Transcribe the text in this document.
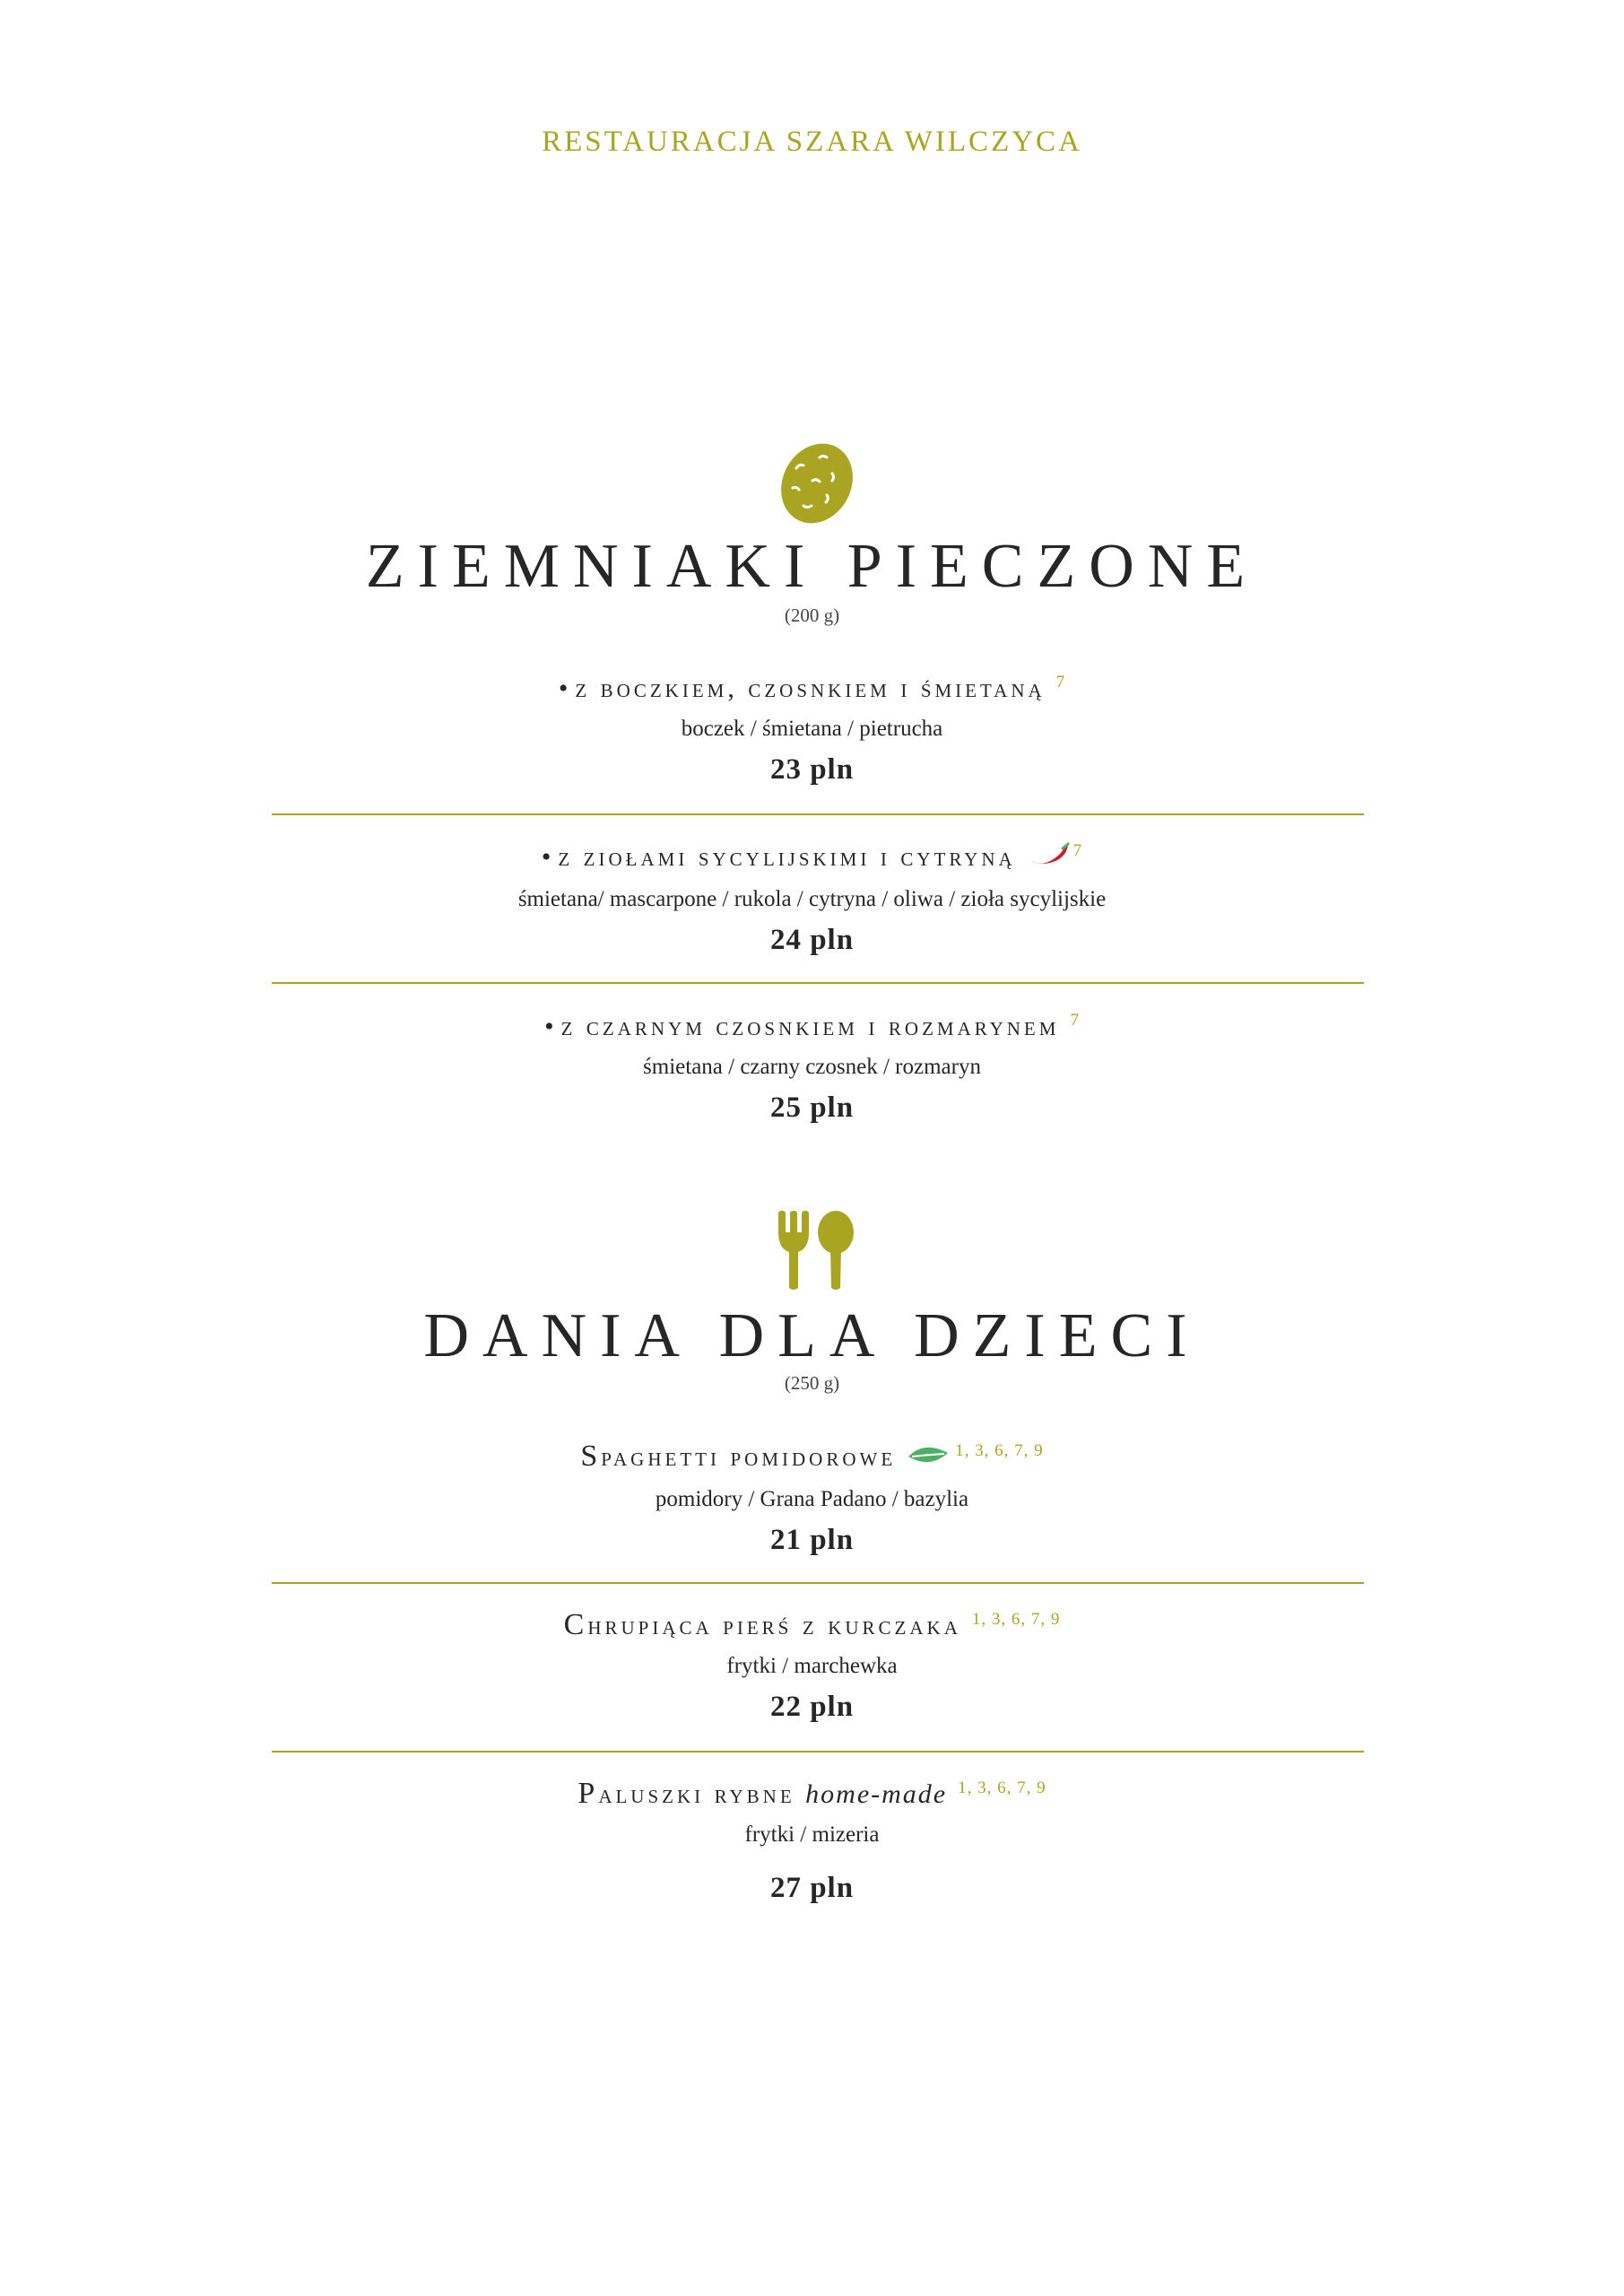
RESTAURACJA SZARA WILCZYCA
ZIEMNIAKI PIECZONE
(200 g)
• z boczkiem, czosnkiem i śmietaną $^7$
boczek / śmietana / pietrucha
23 pln
• z ziołami sycylijskimi i cytryną	$^7$
śmietana/ mascarpone / rukola / cytryna / oliwa / zioła sycylijskie
24 pln
• z czarnym czosnkiem i rozmarynem $^7$
śmietana / czarny czosnek / rozmaryn
25 pln
DANIA DLA DZIECI
(250 g)
Spaghetti pomidorowe	$^{1, 3, 6, 7, 9}$
pomidory / Grana Padano / bazylia
21 pln
Chrupiąca pierś z kurczaka $^{1, 3, 6, 7, 9}$
frytki / marchewka
22 pln
Paluszki rybne home-made $^{1, 3, 6, 7, 9}$
frytki / mizeria
27 pln
